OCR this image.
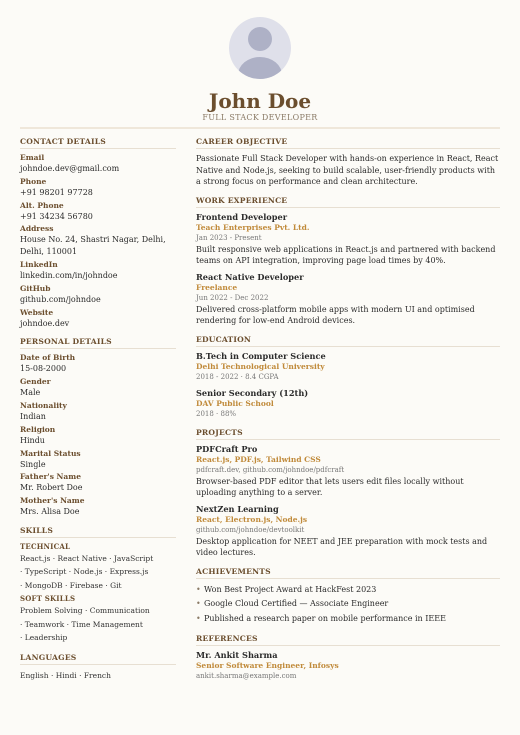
John Doe
FULL STACK DEVELOPER
CONTACT DETAILS
Email
johndoe.dev@gmail.com
Phone
+91 98201 97728
Alt. Phone
+91 34234 56780
Address
House No. 24, Shastri Nagar, Delhi, Delhi, 110001
LinkedIn
linkedin.com/in/johndoe
GitHub
github.com/johndoe
Website
johndoe.dev
PERSONAL DETAILS
Date of Birth
15-08-2000
Gender
Male
Nationality
Indian
Religion
Hindu
Marital Status
Single
Father's Name
Mr. Robert Doe
Mother's Name
Mrs. Alisa Doe
SKILLS
TECHNICAL
React.js · React Native · JavaScript
· TypeScript · Node.js · Express.js
· MongoDB · Firebase · Git
SOFT SKILLS
Problem Solving · Communication
· Teamwork · Time Management
· Leadership
LANGUAGES
English · Hindi · French
CAREER OBJECTIVE
Passionate Full Stack Developer with hands-on experience in React, React Native and Node.js, seeking to build scalable, user-friendly products with a strong focus on performance and clean architecture.
WORK EXPERIENCE
Frontend Developer
Teach Enterprises Pvt. Ltd.
Jan 2023 - Present
Built responsive web applications in React.js and partnered with backend teams on API integration, improving page load times by 40%.
React Native Developer
Freelance
Jun 2022 - Dec 2022
Delivered cross-platform mobile apps with modern UI and optimised rendering for low-end Android devices.
EDUCATION
B.Tech in Computer Science
Delhi Technological University
2018 - 2022 · 8.4 CGPA
Senior Secondary (12th)
DAV Public School
2018 · 88%
PROJECTS
PDFCraft Pro
React.js, PDF.js, Tailwind CSS
pdfcraft.dev, github.com/johndoe/pdfcraft
Browser-based PDF editor that lets users edit files locally without uploading anything to a server.
NextZen Learning
React, Electron.js, Node.js
github.com/johndoe/devtoolkit
Desktop application for NEET and JEE preparation with mock tests and video lectures.
ACHIEVEMENTS
• Won Best Project Award at HackFest 2023
• Google Cloud Certified — Associate Engineer
• Published a research paper on mobile performance in IEEE
REFERENCES
Mr. Ankit Sharma
Senior Software Engineer, Infosys
ankit.sharma@example.com
